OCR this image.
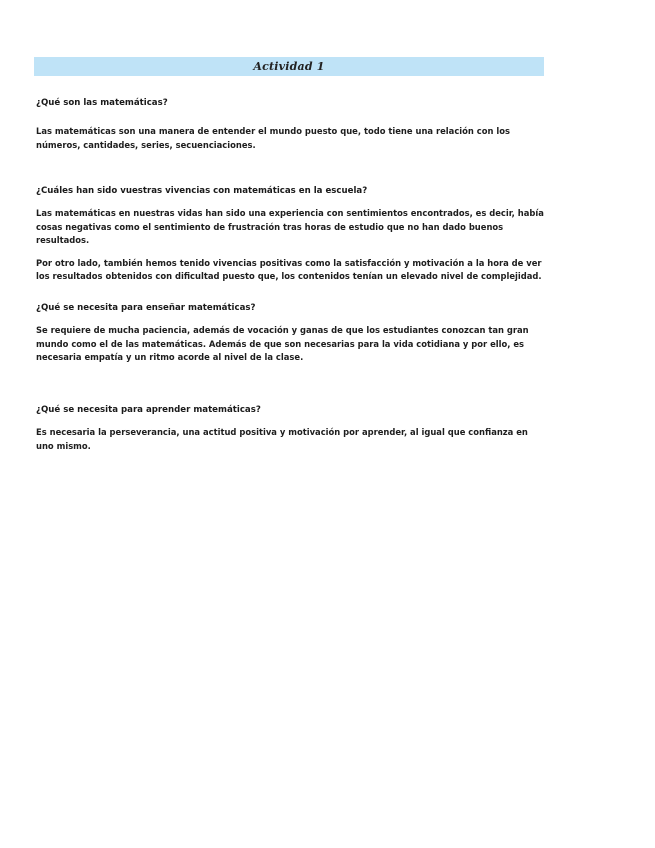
Actividad 1

¿Qué son las matemáticas?

Las matemáticas son una manera de entender el mundo puesto que, todo tiene una relación con los números, cantidades, series, secuenciaciones.

¿Cuáles han sido vuestras vivencias con matemáticas en la escuela?

Las matemáticas en nuestras vidas han sido una experiencia con sentimientos encontrados, es decir, había cosas negativas como el sentimiento de frustración tras horas de estudio que no han dado buenos resultados.

Por otro lado, también hemos tenido vivencias positivas como la satisfacción y motivación a la hora de ver los resultados obtenidos con dificultad puesto que, los contenidos tenían un elevado nivel de complejidad.

¿Qué se necesita para enseñar matemáticas?

Se requiere de mucha paciencia, además de vocación y ganas de que los estudiantes conozcan tan gran mundo como el de las matemáticas. Además de que son necesarias para la vida cotidiana y por ello, es necesaria empatía y un ritmo acorde al nivel de la clase.

¿Qué se necesita para aprender matemáticas?

Es necesaria la perseverancia, una actitud positiva y motivación por aprender, al igual que confianza en uno mismo.
